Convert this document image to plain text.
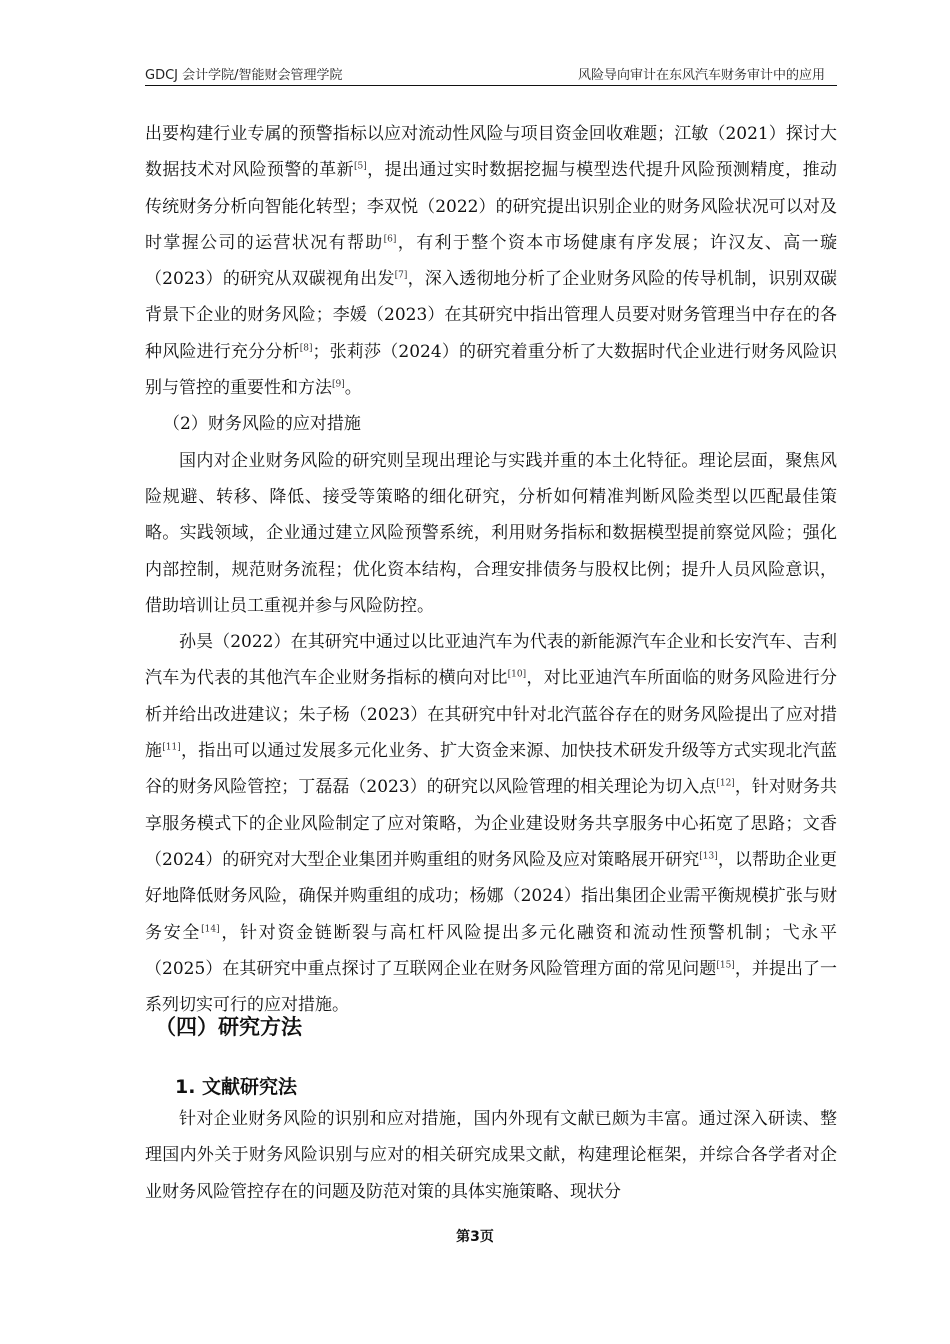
GDCJ 会计学院/智能财会管理学院	风险导向审计在东风汽车财务审计中的应用

出要构建行业专属的预警指标以应对流动性风险与项目资金回收难题；江敏（2021）探讨大数据技术对风险预警的革新[5]，提出通过实时数据挖掘与模型迭代提升风险预测精度，推动传统财务分析向智能化转型；李双悦（2022）的研究提出识别企业的财务风险状况可以对及时掌握公司的运营状况有帮助[6]，有利于整个资本市场健康有序发展；许汉友、高一璇（2023）的研究从双碳视角出发[7]，深入透彻地分析了企业财务风险的传导机制，识别双碳背景下企业的财务风险；李媛（2023）在其研究中指出管理人员要对财务管理当中存在的各种风险进行充分分析[8]；张莉莎（2024）的研究着重分析了大数据时代企业进行财务风险识别与管控的重要性和方法[9]。

（2）财务风险的应对措施

国内对企业财务风险的研究则呈现出理论与实践并重的本土化特征。理论层面，聚焦风险规避、转移、降低、接受等策略的细化研究，分析如何精准判断风险类型以匹配最佳策略。实践领域，企业通过建立风险预警系统，利用财务指标和数据模型提前察觉风险；强化内部控制，规范财务流程；优化资本结构，合理安排债务与股权比例；提升人员风险意识，借助培训让员工重视并参与风险防控。

孙昊（2022）在其研究中通过以比亚迪汽车为代表的新能源汽车企业和长安汽车、吉利汽车为代表的其他汽车企业财务指标的横向对比[10]，对比亚迪汽车所面临的财务风险进行分析并给出改进建议；朱子杨（2023）在其研究中针对北汽蓝谷存在的财务风险提出了应对措施[11]，指出可以通过发展多元化业务、扩大资金来源、加快技术研发升级等方式实现北汽蓝谷的财务风险管控；丁磊磊（2023）的研究以风险管理的相关理论为切入点[12]，针对财务共享服务模式下的企业风险制定了应对策略，为企业建设财务共享服务中心拓宽了思路；文香（2024）的研究对大型企业集团并购重组的财务风险及应对策略展开研究[13]，以帮助企业更好地降低财务风险，确保并购重组的成功；杨娜（2024）指出集团企业需平衡规模扩张与财务安全[14]，针对资金链断裂与高杠杆风险提出多元化融资和流动性预警机制；弋永平（2025）在其研究中重点探讨了互联网企业在财务风险管理方面的常见问题[15]，并提出了一系列切实可行的应对措施。

（四）研究方法
1. 文献研究法

针对企业财务风险的识别和应对措施，国内外现有文献已颇为丰富。通过深入研读、整理国内外关于财务风险识别与应对的相关研究成果文献，构建理论框架，并综合各学者对企业财务风险管控存在的问题及防范对策的具体实施策略、现状分

第3页
